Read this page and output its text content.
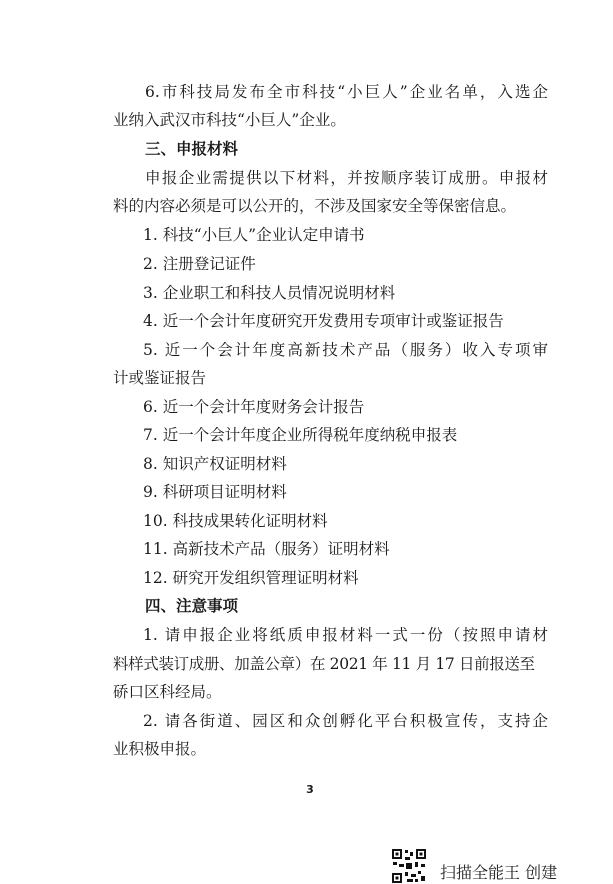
6.市科技局发布全市科技“小巨人”企业名单，入选企
业纳入武汉市科技“小巨人”企业。
三、申报材料
申报企业需提供以下材料，并按顺序装订成册。申报材
料的内容必须是可以公开的，不涉及国家安全等保密信息。
1. 科技“小巨人”企业认定申请书
2. 注册登记证件
3. 企业职工和科技人员情况说明材料
4. 近一个会计年度研究开发费用专项审计或鉴证报告
5. 近一个会计年度高新技术产品（服务）收入专项审
计或鉴证报告
6. 近一个会计年度财务会计报告
7. 近一个会计年度企业所得税年度纳税申报表
8. 知识产权证明材料
9. 科研项目证明材料
10. 科技成果转化证明材料
11. 高新技术产品（服务）证明材料
12. 研究开发组织管理证明材料
四、注意事项
1. 请申报企业将纸质申报材料一式一份（按照申请材
料样式装订成册、加盖公章）在 2021 年 11 月 17 日前报送至
硚口区科经局。
2. 请各街道、园区和众创孵化平台积极宣传，支持企
业积极申报。
3
扫描全能王 创建
